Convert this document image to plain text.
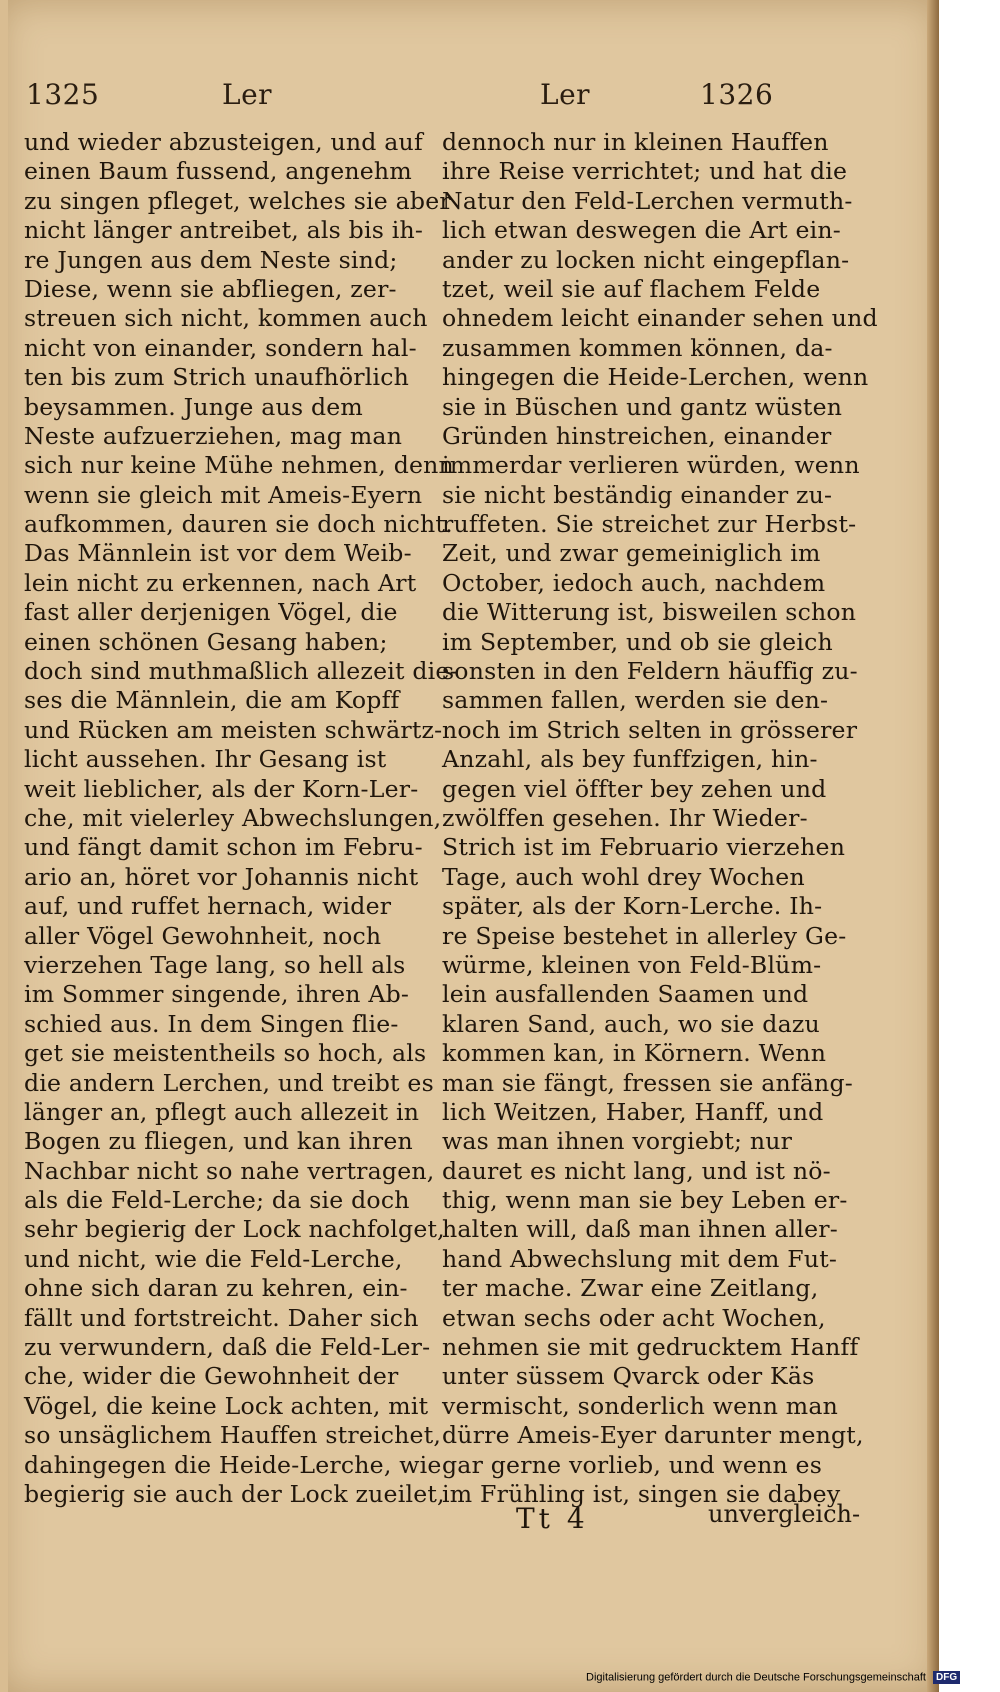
1325	Ler	Ler	1326
und wieder abzusteigen, und auf
einen Baum fussend, angenehm
zu singen pfleget, welches sie aber
nicht länger antreibet, als bis ih-
re Jungen aus dem Neste sind;
Diese, wenn sie abfliegen, zer-
streuen sich nicht, kommen auch
nicht von einander, sondern hal-
ten bis zum Strich unaufhörlich
beysammen. Junge aus dem
Neste aufzuerziehen, mag man
sich nur keine Mühe nehmen, denn
wenn sie gleich mit Ameis-Eyern
aufkommen, dauren sie doch nicht.
Das Männlein ist vor dem Weib-
lein nicht zu erkennen, nach Art
fast aller derjenigen Vögel, die
einen schönen Gesang haben;
doch sind muthmaßlich allezeit die-
ses die Männlein, die am Kopff
und Rücken am meisten schwärtz-
licht aussehen. Ihr Gesang ist
weit lieblicher, als der Korn-Ler-
che, mit vielerley Abwechslungen,
und fängt damit schon im Febru-
ario an, höret vor Johannis nicht
auf, und ruffet hernach, wider
aller Vögel Gewohnheit, noch
vierzehen Tage lang, so hell als
im Sommer singende, ihren Ab-
schied aus. In dem Singen flie-
get sie meistentheils so hoch, als
die andern Lerchen, und treibt es
länger an, pflegt auch allezeit in
Bogen zu fliegen, und kan ihren
Nachbar nicht so nahe vertragen,
als die Feld-Lerche; da sie doch
sehr begierig der Lock nachfolget,
und nicht, wie die Feld-Lerche,
ohne sich daran zu kehren, ein-
fällt und fortstreicht. Daher sich
zu verwundern, daß die Feld-Ler-
che, wider die Gewohnheit der
Vögel, die keine Lock achten, mit
so unsäglichem Hauffen streichet,
dahingegen die Heide-Lerche, wie
begierig sie auch der Lock zueilet,
dennoch nur in kleinen Hauffen
ihre Reise verrichtet; und hat die
Natur den Feld-Lerchen vermuth-
lich etwan deswegen die Art ein-
ander zu locken nicht eingepflan-
tzet, weil sie auf flachem Felde
ohnedem leicht einander sehen und
zusammen kommen können, da-
hingegen die Heide-Lerchen, wenn
sie in Büschen und gantz wüsten
Gründen hinstreichen, einander
immerdar verlieren würden, wenn
sie nicht beständig einander zu-
ruffeten. Sie streichet zur Herbst-
Zeit, und zwar gemeiniglich im
October, iedoch auch, nachdem
die Witterung ist, bisweilen schon
im September, und ob sie gleich
sonsten in den Feldern häuffig zu-
sammen fallen, werden sie den-
noch im Strich selten in grösserer
Anzahl, als bey funffzigen, hin-
gegen viel öffter bey zehen und
zwölffen gesehen. Ihr Wieder-
Strich ist im Februario vierzehen
Tage, auch wohl drey Wochen
später, als der Korn-Lerche. Ih-
re Speise bestehet in allerley Ge-
würme, kleinen von Feld-Blüm-
lein ausfallenden Saamen und
klaren Sand, auch, wo sie dazu
kommen kan, in Körnern. Wenn
man sie fängt, fressen sie anfäng-
lich Weitzen, Haber, Hanff, und
was man ihnen vorgiebt; nur
dauret es nicht lang, und ist nö-
thig, wenn man sie bey Leben er-
halten will, daß man ihnen aller-
hand Abwechslung mit dem Fut-
ter mache. Zwar eine Zeitlang,
etwan sechs oder acht Wochen,
nehmen sie mit gedrucktem Hanff
unter süssem Qvarck oder Käs
vermischt, sonderlich wenn man
dürre Ameis-Eyer darunter mengt,
gar gerne vorlieb, und wenn es
im Frühling ist, singen sie dabey
Tt 4	unvergleich-
Digitalisierung gefördert durch die Deutsche Forschungsgemeinschaft DFG
